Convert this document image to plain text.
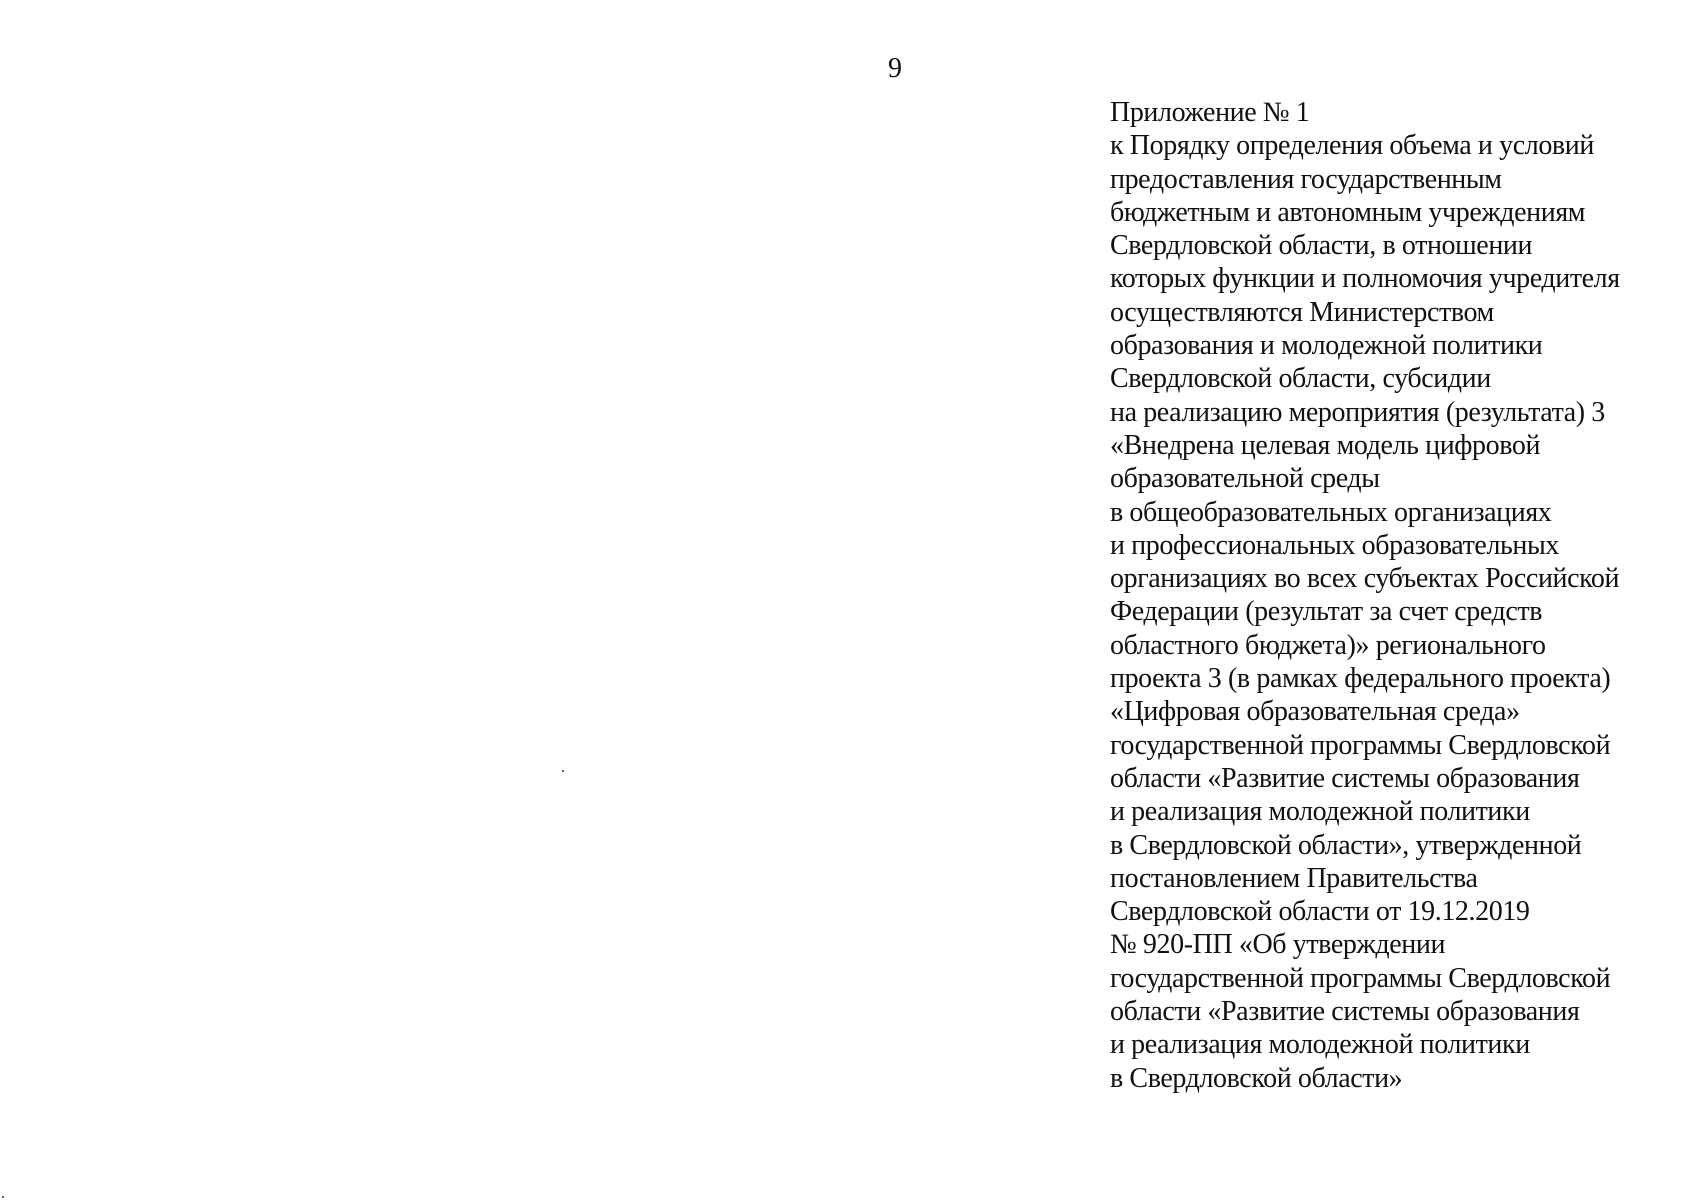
9
Приложение № 1
к Порядку определения объема и условий
предоставления государственным
бюджетным и автономным учреждениям
Свердловской области, в отношении
которых функции и полномочия учредителя
осуществляются Министерством
образования и молодежной политики
Свердловской области, субсидии
на реализацию мероприятия (результата) 3
«Внедрена целевая модель цифровой
образовательной среды
в общеобразовательных организациях
и профессиональных образовательных
организациях во всех субъектах Российской
Федерации (результат за счет средств
областного бюджета)» регионального
проекта 3 (в рамках федерального проекта)
«Цифровая образовательная среда»
государственной программы Свердловской
области «Развитие системы образования
и реализация молодежной политики
в Свердловской области», утвержденной
постановлением Правительства
Свердловской области от 19.12.2019
№ 920-ПП «Об утверждении
государственной программы Свердловской
области «Развитие системы образования
и реализация молодежной политики
в Свердловской области»
